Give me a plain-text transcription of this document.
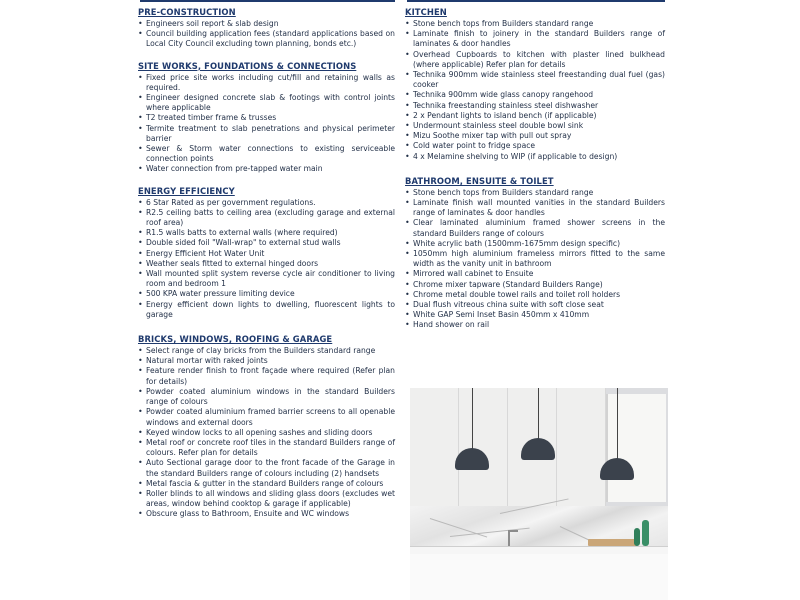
PRE-CONSTRUCTION
• Engineers soil report & slab design
• Council building application fees (standard applications based on Local City Council excluding town planning, bonds etc.)
SITE WORKS, FOUNDATIONS & CONNECTIONS
• Fixed price site works including cut/fill and retaining walls as required.
• Engineer designed concrete slab & footings with control joints where applicable
• T2 treated timber frame & trusses
• Termite treatment to slab penetrations and physical perimeter barrier
• Sewer & Storm water connections to existing serviceable connection points
• Water connection from pre-tapped water main
ENERGY EFFICIENCY
• 6 Star Rated as per government regulations.
• R2.5 ceiling batts to ceiling area (excluding garage and external roof area)
• R1.5 walls batts to external walls (where required)
• Double sided foil "Wall-wrap" to external stud walls
• Energy Efficient Hot Water Unit
• Weather seals fitted to external hinged doors
• Wall mounted split system reverse cycle air conditioner to living room and bedroom 1
• 500 KPA water pressure limiting device
• Energy efficient down lights to dwelling, fluorescent lights to garage
BRICKS, WINDOWS, ROOFING & GARAGE
• Select range of clay bricks from the Builders standard range
• Natural mortar with raked joints
• Feature render finish to front façade where required (Refer plan for details)
• Powder coated aluminium windows in the standard Builders range of colours
• Powder coated aluminium framed barrier screens to all openable windows and external doors
• Keyed window locks to all opening sashes and sliding doors
• Metal roof or concrete roof tiles in the standard Builders range of colours. Refer plan for details
• Auto Sectional garage door to the front facade of the Garage in the standard Builders range of colours including (2) handsets
• Metal fascia & gutter in the standard Builders range of colours
• Roller blinds to all windows and sliding glass doors (excludes wet areas, window behind cooktop & garage if applicable)
• Obscure glass to Bathroom, Ensuite and WC windows
KITCHEN
• Stone bench tops from Builders standard range
• Laminate finish to joinery in the standard Builders range of laminates & door handles
• Overhead Cupboards to kitchen with plaster lined bulkhead (where applicable) Refer plan for details
• Technika 900mm wide stainless steel freestanding dual fuel (gas) cooker
• Technika 900mm wide glass canopy rangehood
• Technika freestanding stainless steel dishwasher
• 2 x Pendant lights to island bench (if applicable)
• Undermount stainless steel double bowl sink
• Mizu Soothe mixer tap with pull out spray
• Cold water point to fridge space
• 4 x Melamine shelving to WIP (if applicable to design)
BATHROOM, ENSUITE & TOILET
• Stone bench tops from Builders standard range
• Laminate finish wall mounted vanities in the standard Builders range of laminates & door handles
• Clear laminated aluminium framed shower screens in the standard Builders range of colours
• White acrylic bath (1500mm-1675mm design specific)
• 1050mm high aluminium frameless mirrors fitted to the same width as the vanity unit in bathroom
• Mirrored wall cabinet to Ensuite
• Chrome mixer tapware (Standard Builders Range)
• Chrome metal double towel rails and toilet roll holders
• Dual flush vitreous china suite with soft close seat
• White GAP Semi Inset Basin 450mm x 410mm
• Hand shower on rail
